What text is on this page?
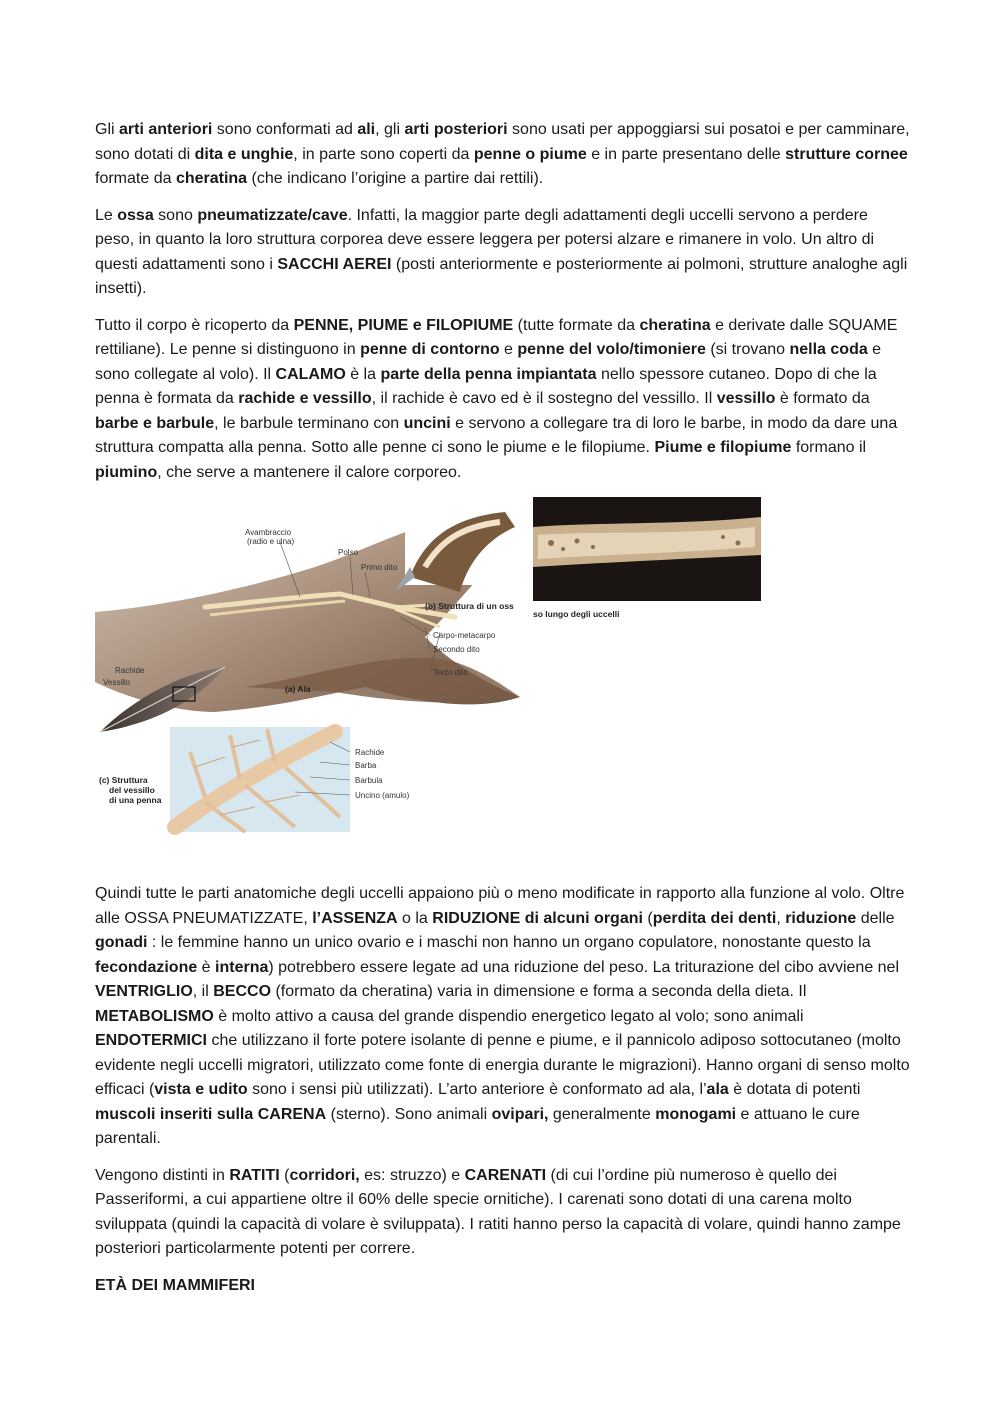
Gli arti anteriori sono conformati ad ali, gli arti posteriori sono usati per appoggiarsi sui posatoi e per camminare, sono dotati di dita e unghie, in parte sono coperti da penne o piume e in parte presentano delle strutture cornee formate da cheratina (che indicano l’origine a partire dai rettili).

Le ossa sono pneumatizzate/cave. Infatti, la maggior parte degli adattamenti degli uccelli servono a perdere peso, in quanto la loro struttura corporea deve essere leggera per potersi alzare e rimanere in volo. Un altro di questi adattamenti sono i SACCHI AEREI (posti anteriormente e posteriormente ai polmoni, strutture analoghe agli insetti).

Tutto il corpo è ricoperto da PENNE, PIUME e FILOPIUME (tutte formate da cheratina e derivate dalle SQUAME rettiliane). Le penne si distinguono in penne di contorno e penne del volo/timoniere (si trovano nella coda e sono collegate al volo). Il CALAMO è la parte della penna impiantata nello spessore cutaneo. Dopo di che la penna è formata da rachide e vessillo, il rachide è cavo ed è il sostegno del vessillo. Il vessillo è formato da barbe e barbule, le barbule terminano con uncini e servono a collegare tra di loro le barbe, in modo da dare una struttura compatta alla penna. Sotto alle penne ci sono le piume e le filopiume. Piume e filopiume formano il piumino, che serve a mantenere il calore corporeo.

Avambraccio
(radio e ulna)
Polso
Primo dito
(b) Struttura di un oss
Carpo-metacarpo
Secondo dito
Terzo dito
Rachide
Vessillo
(a) Ala
(c) Struttura
del vessillo
di una penna
Rachide
Barba
Barbula
Uncino (amulo)
so lungo degli uccelli

Quindi tutte le parti anatomiche degli uccelli appaiono più o meno modificate in rapporto alla funzione al volo. Oltre alle OSSA PNEUMATIZZATE, l’ASSENZA o la RIDUZIONE di alcuni organi (perdita dei denti, riduzione delle gonadi : le femmine hanno un unico ovario e i maschi non hanno un organo copulatore, nonostante questo la fecondazione è interna) potrebbero essere legate ad una riduzione del peso. La triturazione del cibo avviene nel VENTRIGLIO, il BECCO (formato da cheratina) varia in dimensione e forma a seconda della dieta. Il METABOLISMO è molto attivo a causa del grande dispendio energetico legato al volo; sono animali ENDOTERMICI che utilizzano il forte potere isolante di penne e piume, e il pannicolo adiposo sottocutaneo (molto evidente negli uccelli migratori, utilizzato come fonte di energia durante le migrazioni). Hanno organi di senso molto efficaci (vista e udito sono i sensi più utilizzati). L’arto anteriore è conformato ad ala, l’ala è dotata di potenti muscoli inseriti sulla CARENA (sterno). Sono animali ovipari, generalmente monogami e attuano le cure parentali.

Vengono distinti in RATITI (corridori, es: struzzo) e CARENATI (di cui l’ordine più numeroso è quello dei Passeriformi, a cui appartiene oltre il 60% delle specie ornitiche). I carenati sono dotati di una carena molto sviluppata (quindi la capacità di volare è sviluppata). I ratiti hanno perso la capacità di volare, quindi hanno zampe posteriori particolarmente potenti per correre.

ETÀ DEI MAMMIFERI
